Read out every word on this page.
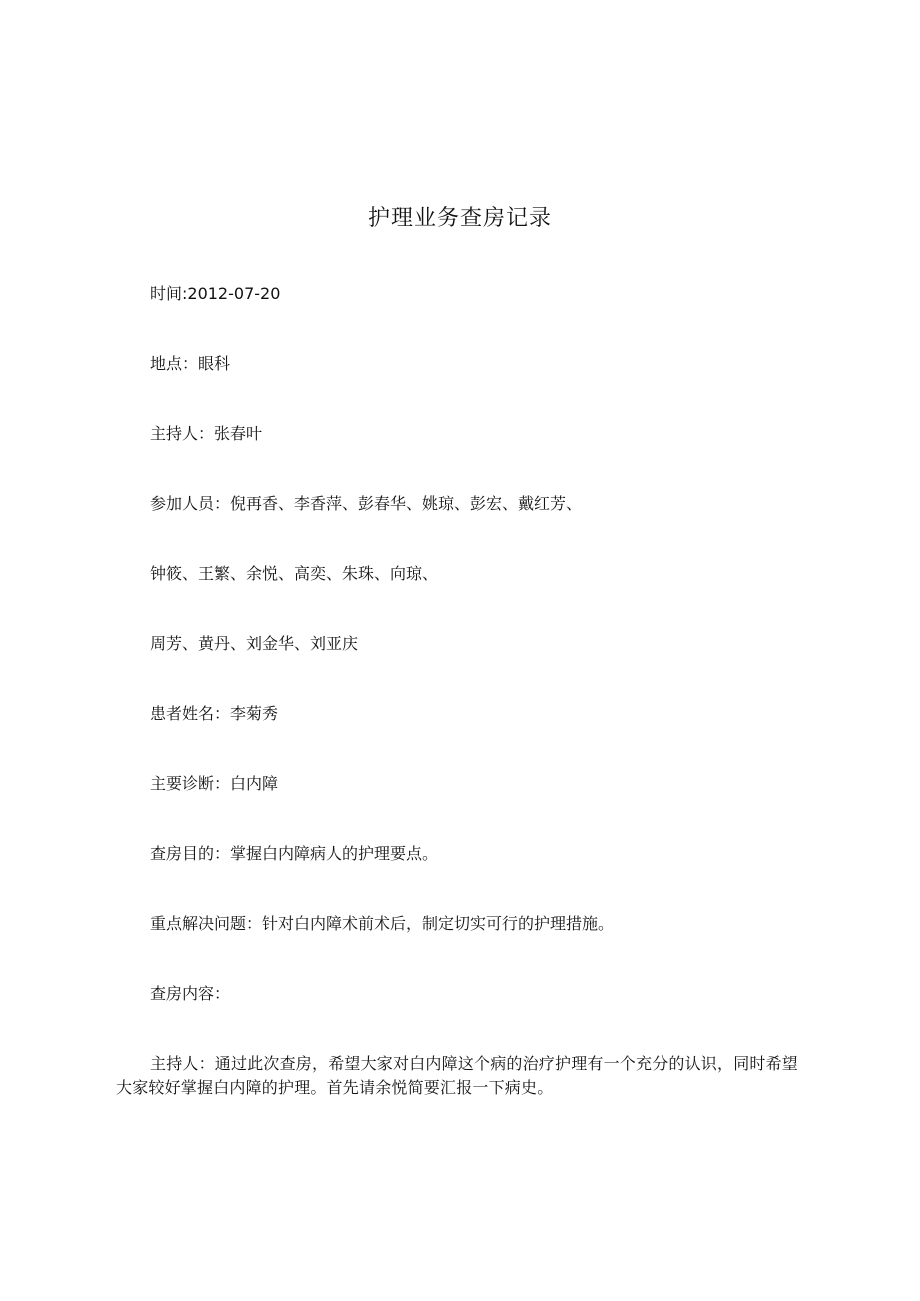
护理业务查房记录
时间:2012-07-20
地点：眼科
主持人：张春叶
参加人员：倪再香、李香萍、彭春华、姚琼、彭宏、戴红芳、
钟筱、王繁、余悦、高奕、朱珠、向琼、
周芳、黄丹、刘金华、刘亚庆
患者姓名：李菊秀
主要诊断：白内障
查房目的：掌握白内障病人的护理要点。
重点解决问题：针对白内障术前术后，制定切实可行的护理措施。
查房内容：
主持人：通过此次查房，希望大家对白内障这个病的治疗护理有一个充分的认识，同时希望大家较好掌握白内障的护理。首先请余悦简要汇报一下病史。
